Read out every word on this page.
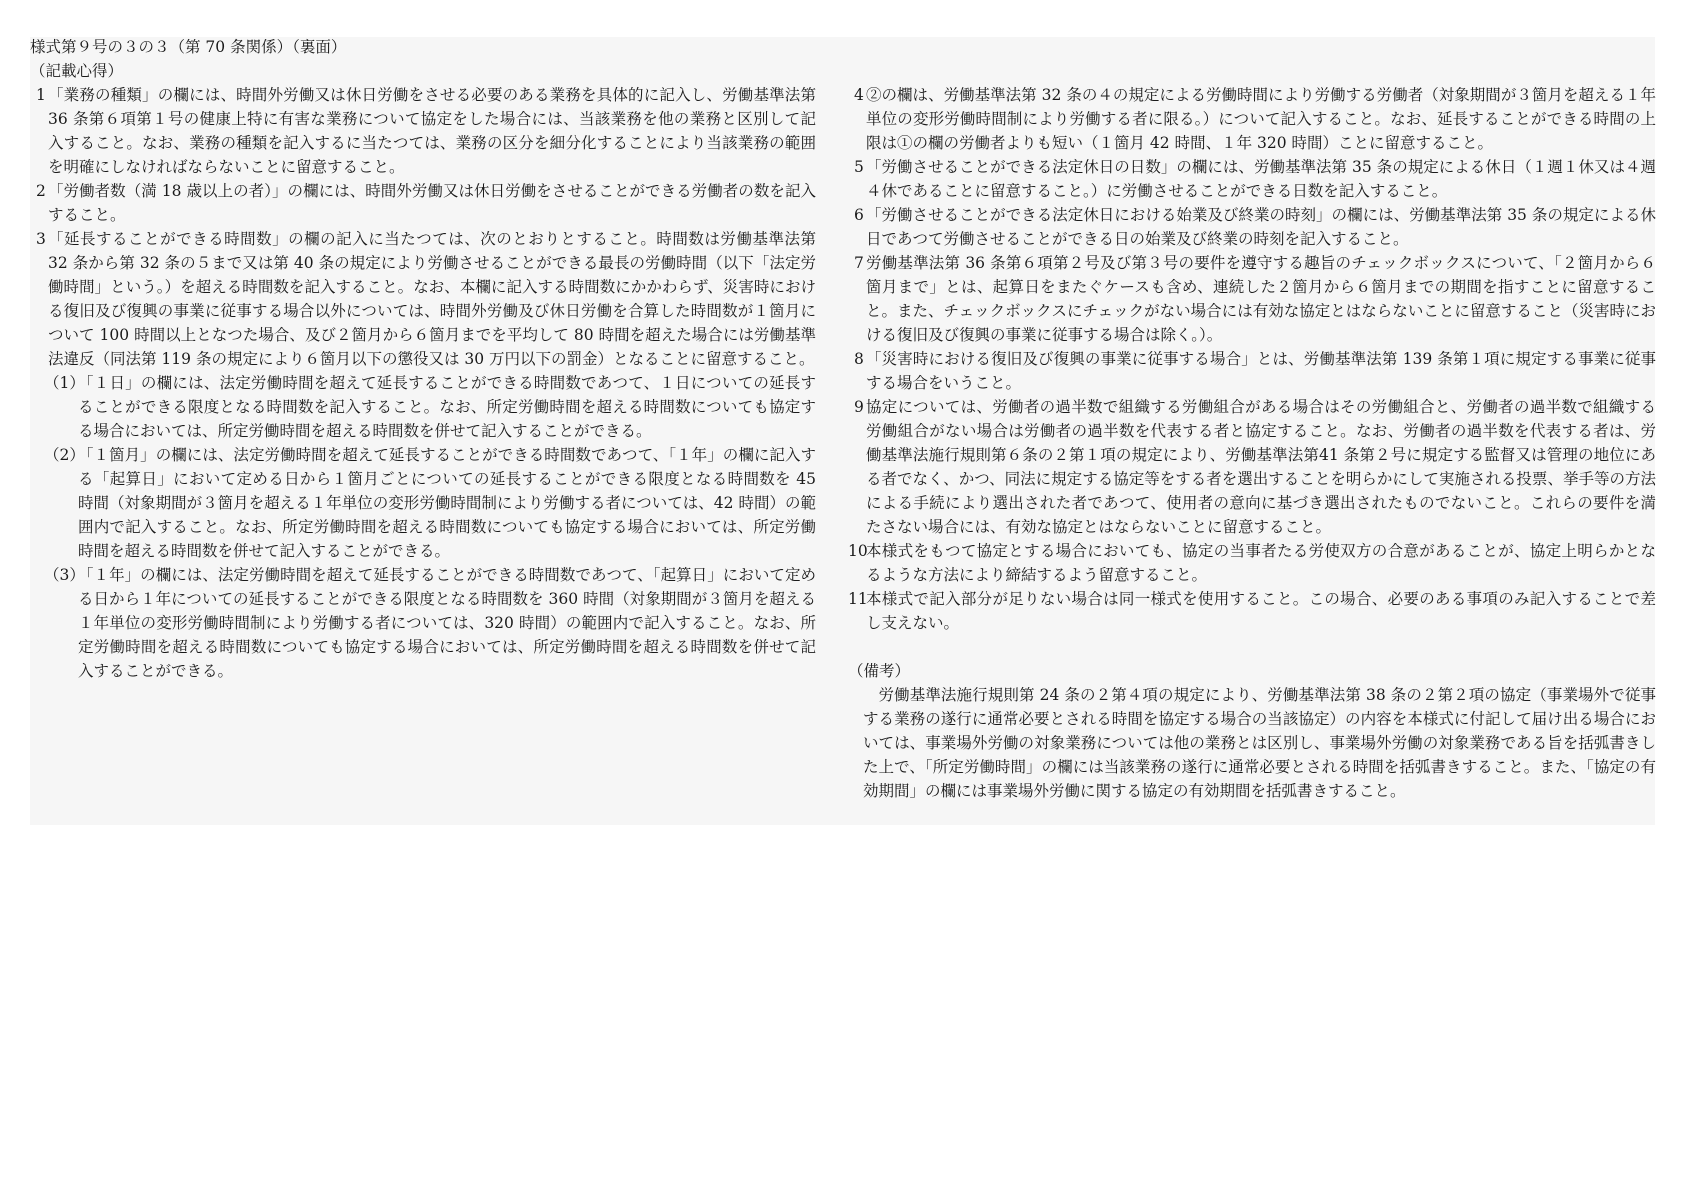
様式第９号の３の３（第 70 条関係）（裏面）

（記載心得）

1 「業務の種類」の欄には、時間外労働又は休日労働をさせる必要のある業務を具体的に記入し、労働基準法第 36 条第６項第１号の健康上特に有害な業務について協定をした場合には、当該業務を他の業務と区別して記入すること。なお、業務の種類を記入するに当たつては、業務の区分を細分化することにより当該業務の範囲を明確にしなければならないことに留意すること。

2 「労働者数（満 18 歳以上の者）」の欄には、時間外労働又は休日労働をさせることができる労働者の数を記入すること。

3 「延長することができる時間数」の欄の記入に当たつては、次のとおりとすること。時間数は労働基準法第 32 条から第 32 条の５まで又は第 40 条の規定により労働させることができる最長の労働時間（以下「法定労働時間」という。）を超える時間数を記入すること。なお、本欄に記入する時間数にかかわらず、災害時における復旧及び復興の事業に従事する場合以外については、時間外労働及び休日労働を合算した時間数が１箇月について 100 時間以上となつた場合、及び２箇月から６箇月までを平均して 80 時間を超えた場合には労働基準法違反（同法第 119 条の規定により６箇月以下の懲役又は 30 万円以下の罰金）となることに留意すること。

（1）
「１日」の欄には、法定労働時間を超えて延長することができる時間数であつて、１日についての延長することができる限度となる時間数を記入すること。なお、所定労働時間を超える時間数についても協定する場合においては、所定労働時間を超える時間数を併せて記入することができる。

（2）
「１箇月」の欄には、法定労働時間を超えて延長することができる時間数であつて、「１年」の欄に記入する「起算日」において定める日から１箇月ごとについての延長することができる限度となる時間数を 45 時間（対象期間が３箇月を超える１年単位の変形労働時間制により労働する者については、42 時間）の範囲内で記入すること。なお、所定労働時間を超える時間数についても協定する場合においては、所定労働時間を超える時間数を併せて記入することができる。

（3）
「１年」の欄には、法定労働時間を超えて延長することができる時間数であつて、「起算日」において定める日から１年についての延長することができる限度となる時間数を 360 時間（対象期間が３箇月を超える１年単位の変形労働時間制により労働する者については、320 時間）の範囲内で記入すること。なお、所定労働時間を超える時間数についても協定する場合においては、所定労働時間を超える時間数を併せて記入することができる。

4 ②の欄は、労働基準法第 32 条の４の規定による労働時間により労働する労働者（対象期間が３箇月を超える１年単位の変形労働時間制により労働する者に限る。）について記入すること。なお、延長することができる時間の上限は①の欄の労働者よりも短い（１箇月 42 時間、１年 320 時間）ことに留意すること。

5 「労働させることができる法定休日の日数」の欄には、労働基準法第 35 条の規定による休日（１週１休又は４週４休であることに留意すること。）に労働させることができる日数を記入すること。

6 「労働させることができる法定休日における始業及び終業の時刻」の欄には、労働基準法第 35 条の規定による休日であつて労働させることができる日の始業及び終業の時刻を記入すること。

7 労働基準法第 36 条第６項第２号及び第３号の要件を遵守する趣旨のチェックボックスについて、「２箇月から６箇月まで」とは、起算日をまたぐケースも含め、連続した２箇月から６箇月までの期間を指すことに留意すること。また、チェックボックスにチェックがない場合には有効な協定とはならないことに留意すること（災害時における復旧及び復興の事業に従事する場合は除く。）。

8 「災害時における復旧及び復興の事業に従事する場合」とは、労働基準法第 139 条第１項に規定する事業に従事する場合をいうこと。

9 協定については、労働者の過半数で組織する労働組合がある場合はその労働組合と、労働者の過半数で組織する労働組合がない場合は労働者の過半数を代表する者と協定すること。なお、労働者の過半数を代表する者は、労働基準法施行規則第６条の２第１項の規定により、労働基準法第41 条第２号に規定する監督又は管理の地位にある者でなく、かつ、同法に規定する協定等をする者を選出することを明らかにして実施される投票、挙手等の方法による手続により選出された者であつて、使用者の意向に基づき選出されたものでないこと。これらの要件を満たさない場合には、有効な協定とはならないことに留意すること。

10
本様式をもつて協定とする場合においても、協定の当事者たる労使双方の合意があることが、協定上明らかとなるような方法により締結するよう留意すること。

11
本様式で記入部分が足りない場合は同一様式を使用すること。この場合、必要のある事項のみ記入することで差し支えない。

（備考）

労働基準法施行規則第 24 条の２第４項の規定により、労働基準法第 38 条の２第２項の協定（事業場外で従事する業務の遂行に通常必要とされる時間を協定する場合の当該協定）の内容を本様式に付記して届け出る場合においては、事業場外労働の対象業務については他の業務とは区別し、事業場外労働の対象業務である旨を括弧書きした上で、「所定労働時間」の欄には当該業務の遂行に通常必要とされる時間を括弧書きすること。また、「協定の有効期間」の欄には事業場外労働に関する協定の有効期間を括弧書きすること。
